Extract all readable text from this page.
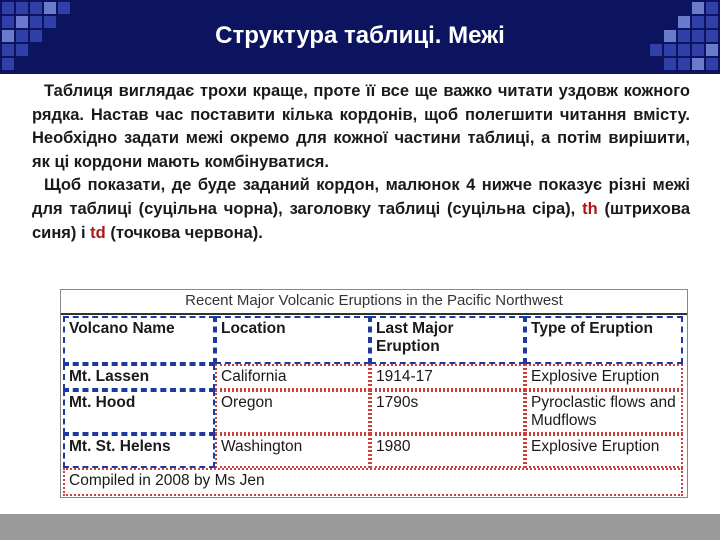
Структура таблиці. Межі

Таблиця виглядає трохи краще, проте її все ще важко читати уздовж кожного рядка. Настав час поставити кілька кордонів, щоб полегшити читання вмісту. Необхідно задати межі окремо для кожної частини таблиці, а потім вирішити, як ці кордони мають комбінуватися.

Щоб показати, де буде заданий кордон, малюнок 4 нижче показує різні межі для таблиці (суцільна чорна), заголовку таблиці (суцільна сіра), th (штрихова синя) і td (точкова червона).

Recent Major Volcanic Eruptions in the Pacific Northwest
Volcano Name	Location	Last Major Eruption	Type of Eruption
Mt. Lassen	California	1914-17	Explosive Eruption
Mt. Hood	Oregon	1790s	Pyroclastic flows and Mudflows
Mt. St. Helens	Washington	1980	Explosive Eruption
Compiled in 2008 by Ms Jen			
